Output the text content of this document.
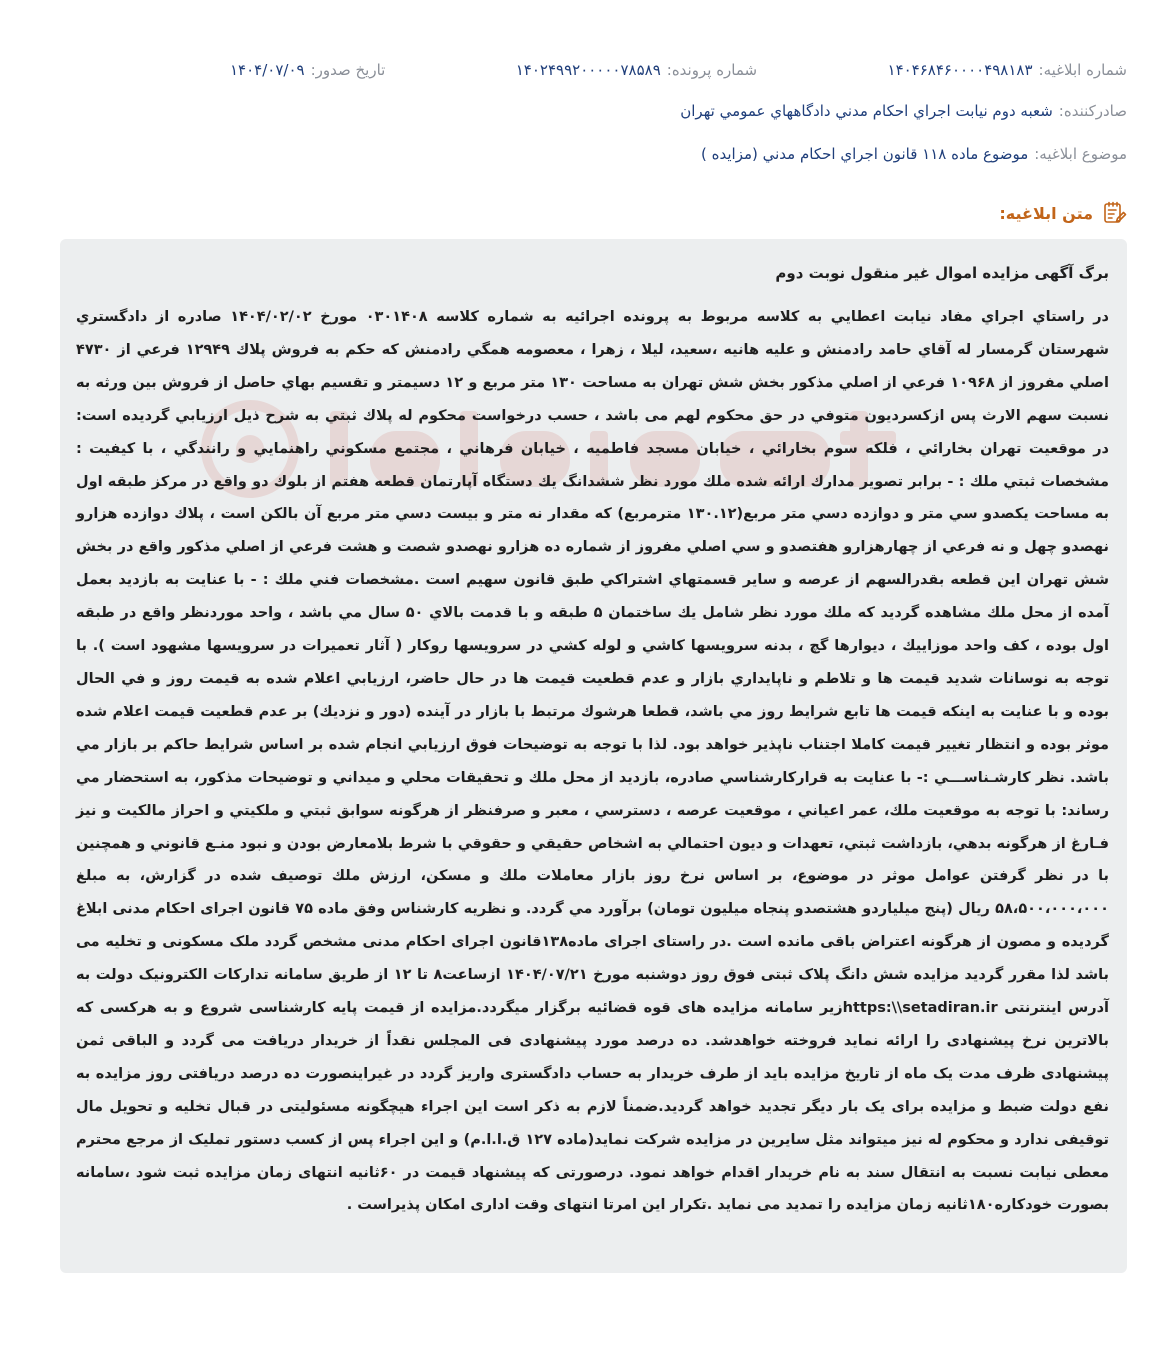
شماره ابلاغیه:
۱۴۰۴۶۸۴۶۰۰۰۰۴۹۸۱۸۳
شماره پرونده:
۱۴۰۲۴۹۹۲۰۰۰۰۰۷۸۵۸۹
تاریخ صدور:
۱۴۰۴/۰۷/۰۹
صادرکننده:
شعبه دوم نيابت اجراي احكام مدني دادگاههاي عمومي تهران
موضوع ابلاغیه:
موضوع ماده ۱۱۸ قانون اجراي احكام مدني (مزايده )
متن ابلاغیه:

برگ آگهی مزایده اموال غیر منقول نوبت دوم

در راستاي اجراي مفاد نيابت اعطايي به كلاسه مربوط به پرونده اجرائيه به شماره كلاسه ۰۳۰۱۴۰۸ مورخ ۱۴۰۴/۰۲/۰۲ صادره از دادگستري شهرستان گرمسار له آقاي حامد رادمنش و عليه هانيه ،سعيد، ليلا ، زهرا ، معصومه همگي رادمنش كه حكم به فروش پلاك ۱۲۹۴۹ فرعي از ۴۷۳۰ اصلي مفروز از ۱۰۹۶۸ فرعي از اصلي مذكور بخش شش تهران به مساحت ۱۳۰ متر مربع و ۱۲ دسيمتر و تقسيم بهاي حاصل از فروش بين ورثه به نسبت سهم الارث پس ازكسرديون متوفي در حق محكوم لهم مى باشد ، حسب درخواست محكوم له پلاك ثبتي به شرح ذيل ارزيابي گرديده است: در موقعيت تهران بخارائي ، فلكه سوم بخارائي ، خيابان مسجد فاطميه ، خيابان فرهاني ، مجتمع مسكوني راهنمايي و رانندگي ، با كيفيت : مشخصات ثبتي ملك : - برابر تصوير مدارك ارائه شده ملك مورد نظر ششدانگ يك دستگاه آپارتمان قطعه هفتم از بلوك دو واقع در مركز طبقه اول به مساحت يكصدو سي متر و دوازده دسي متر مربع(۱۳۰.۱۲ مترمربع) كه مقدار نه متر و بيست دسي متر مربع آن بالكن است ، پلاك دوازده هزارو نهصدو چهل و نه فرعي از چهارهزارو هفتصدو و سي اصلي مفروز از شماره ده هزارو نهصدو شصت و هشت فرعي از اصلي مذكور واقع در بخش شش تهران اين قطعه بقدرالسهم از عرصه و ساير قسمتهاي اشتراكي طبق قانون سهيم است .مشخصات فني ملك : - با عنايت به بازديد بعمل آمده از محل ملك مشاهده گرديد كه ملك مورد نظر شامل يك ساختمان ۵ طبقه و با قدمت بالاي ۵۰ سال مي باشد ، واحد موردنظر واقع در طبقه اول بوده ، كف واحد موزاييك ، ديوارها گچ ، بدنه سرويسها كاشي و لوله كشي در سرويسها روكار ( آثار تعميرات در سرويسها مشهود است ). با توجه به نوسانات شديد قيمت ها و تلاطم و ناپايداري بازار و عدم قطعيت قيمت ها در حال حاضر، ارزيابي اعلام شده به قيمت روز و في الحال بوده و با عنايت به اينكه قيمت ها تابع شرايط روز مي باشد، قطعا هرشوك مرتبط با بازار در آينده (دور و نزديك) بر عدم قطعيت قيمت اعلام شده موثر بوده و انتظار تغيير قيمت كاملا اجتناب ناپذير خواهد بود. لذا با توجه به توضيحات فوق ارزيابي انجام شده بر اساس شرايط حاكم بر بازار مي باشد. نظر كارشـناســـي :- با عنايت به قراركارشناسي صادره، بازديد از محل ملك و تحقيقات محلي و ميداني و توضيحات مذكور، به استحضار مي رساند: با توجه به موقعيت ملك، عمر اعياني ، موقعيت عرصه ، دسترسي ، معبر و صرفنظر از هرگونه سوابق ثبتي و ملكيتي و احراز مالكيت و نيز فـارغ از هرگونه بدهي، بازداشت ثبتي، تعهدات و ديون احتمالي به اشخاص حقيقي و حقوقي با شرط بلامعارض بودن و نبود منـع قانوني و همچنين با در نظر گرفتن عوامل موثر در موضوع، بر اساس نرخ روز بازار معاملات ملك و مسكن، ارزش ملك توصيف شده در گزارش، به مبلغ ۵۸،۵۰۰،۰۰۰،۰۰۰ ريال (پنج ميلياردو هشتصدو پنجاه ميليون تومان) برآورد مي گردد. و نظريه كارشناس وفق ماده ۷۵ قانون اجرای احکام مدنی ابلاغ گرديده و مصون از هرگونه اعتراض باقی مانده است .در راستای اجرای ماده۱۳۸قانون اجرای احکام مدنی مشخص گردد ملک مسکونی و تخلیه می باشد لذا مقرر گردید مزایده شش دانگ پلاک ثبتی فوق روز دوشنبه مورخ ۱۴۰۴/۰۷/۲۱ ازساعت۸ تا ۱۲ از طریق سامانه تدارکات الکترونیک دولت به آدرس اینترنتی https:\\setadiran.irزیر سامانه مزایده های قوه قضائیه برگزار میگردد.مزایده از قیمت پایه کارشناسی شروع و به هرکسی که بالاترین نرخ پیشنهادی را ارائه نماید فروخته خواهدشد. ده درصد مورد پیشنهادی فی المجلس نقداً از خریدار دریافت می گردد و الباقی ثمن پیشنهادی ظرف مدت یک ماه از تاریخ مزایده باید از طرف خریدار به حساب دادگستری واریز گردد در غیراینصورت ده درصد دریافتی روز مزایده به نفع دولت ضبط و مزایده برای یک بار دیگر تجدید خواهد گردید.ضمناً لازم به ذکر است این اجراء هیچگونه مسئولیتی در قبال تخلیه و تحویل مال توقیفی ندارد و محکوم له نیز میتواند مثل سایرین در مزایده شرکت نماید(ماده ۱۲۷ ق.ا.ا.م) و این اجراء پس از کسب دستور تملیک از مرجع محترم معطی نیابت نسبت به انتقال سند به نام خریدار اقدام خواهد نمود. درصورتی که پیشنهاد قیمت در ۶۰ثانیه انتهای زمان مزایده ثبت شود ،سامانه بصورت خودکاره۱۸۰ثانیه زمان مزایده را تمدید می نماید .تکرار این امرتا انتهای وقت اداری امکان پذیراست .
